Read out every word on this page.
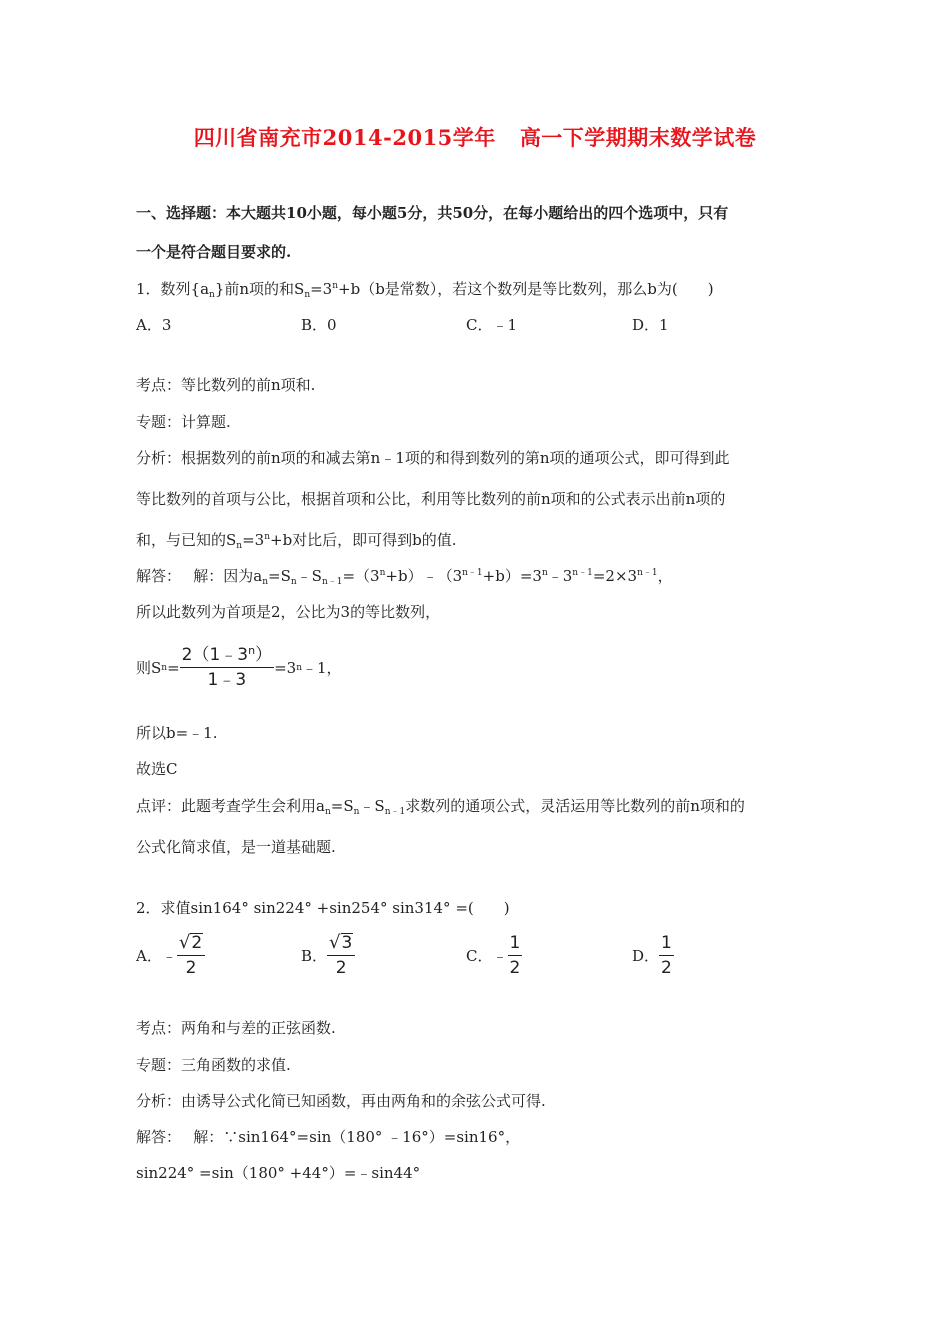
四川省南充市2014-2015学年 高一下学期期末数学试卷
一、选择题：本大题共10小题，每小题5分，共50分，在每小题给出的四个选项中，只有
一个是符合题目要求的.
1．数列$\{a_n\}$前n项的和$S_n=3^n+b(b$是常数），若这个数列是等比数列，那么b为(　　)
A．3	B．0	C．﹣1	D．1
考点：等比数列的前n项和.
专题：计算题.
分析：根据数列的前n项的和减去第n﹣1项的和得到数列的第n项的通项公式，即可得到此
等比数列的首项与公比，根据首项和公比，利用等比数列的前n项和的公式表示出前n项的
和，与已知的$S_n=3^n+b$对比后，即可得到b的值.
解答：　 解：因为$a_n=S_n﹣S_{n﹣1}=(3^n+b)﹣(3^{n﹣1}+b)=3^n﹣3^{n﹣1}=2\times 3^{n﹣1}$，
所以此数列为首项是2，公比为3的等比数列，
则S $n = \frac{2(1﹣3^n)}{1﹣3} =3$ n ﹣1，
所以b=﹣1.
故选C
点评：此题考查学生会利用$a_n=S_n﹣S_{n﹣1}$求数列的通项公式，灵活运用等比数列的前n项和的
公式化简求值，是一道基础题.
2．求值sin164° sin224° +sin254° sin314° =(　　)
A． ﹣ $\frac{√ 2}{2}$	B． $\frac{√ 3}{2}$	C． ﹣ $\frac{1}{2}$	D． $\frac{1}{2}$
考点：两角和与差的正弦函数.
专题：三角函数的求值.
分析：由诱导公式化简已知函数，再由两角和的余弦公式可得.
解答：　 解：∵sin164°=sin（180° ﹣16°）=sin16°，
sin224° =sin（180° +44°）=﹣sin44°
